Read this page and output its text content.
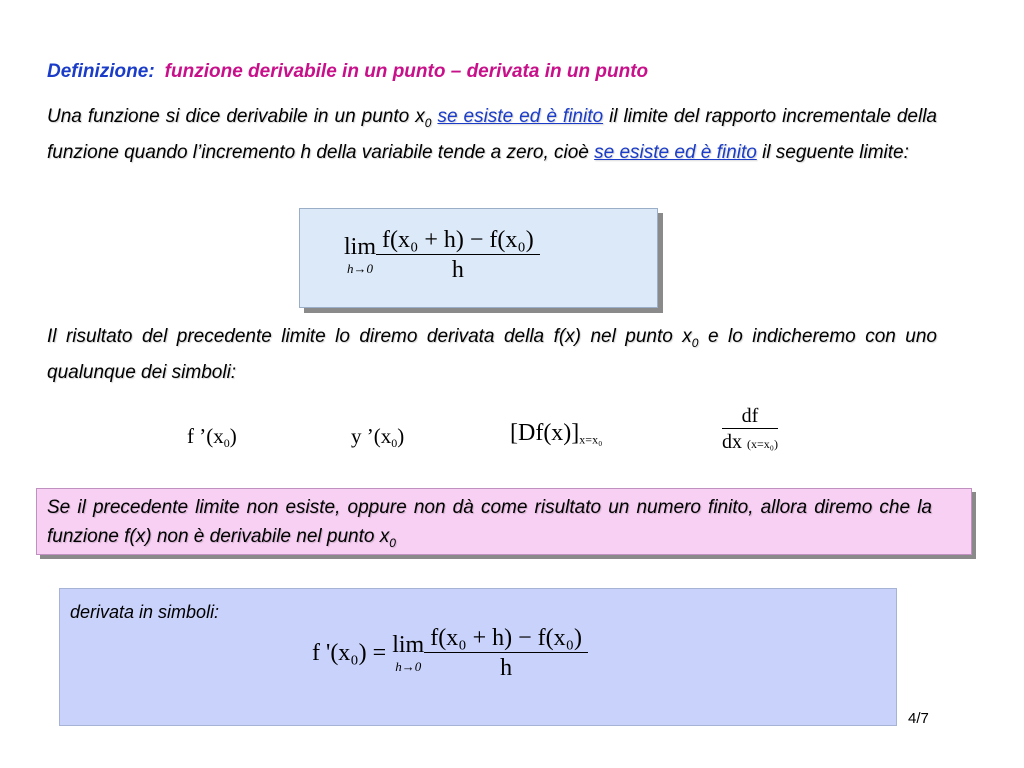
Definizione: funzione derivabile in un punto – derivata in un punto
Una funzione si dice derivabile in un punto $x_0$ se esiste ed è finito il limite del rapporto incrementale della funzione quando l’incremento h della variabile tende a zero, cioè se esiste ed è finito il seguente limite:
lim
$h\to 0 \frac{\text{f(x₀ + h) − f(x₀)}}{h}$
Il risultato del precedente limite lo diremo derivata della f(x) nel punto $x_0$ e lo indicheremo con uno qualunque dei simboli:
f $’(x_0)$	y $’(x_0)$	$[Df(x)]_{x=x_0}$	$\frac{df}{\text{dx (x=x₀)}}$
Se il precedente limite non esiste, oppure non dà come risultato un numero finito, allora diremo che la funzione f(x) non è derivabile nel punto $x_0$
derivata in simboli:
f '(x₀) = lim
$h\to 0 \frac{\text{f(x₀ + h) − f(x₀)}}{h}$
4/7
